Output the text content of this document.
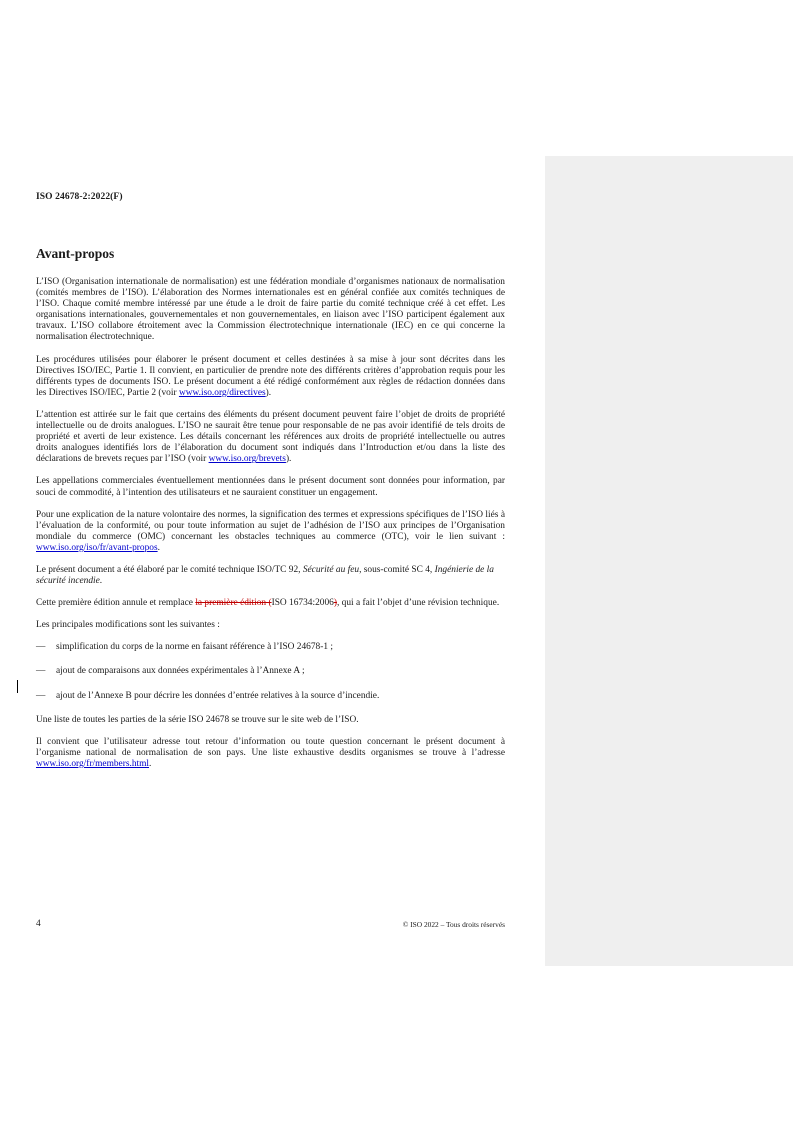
ISO 24678-2:2022(F)
Avant-propos

L’ISO (Organisation internationale de normalisation) est une fédération mondiale d’organismes nationaux de normalisation (comités membres de l’ISO). L’élaboration des Normes internationales est en général confiée aux comités techniques de l’ISO. Chaque comité membre intéressé par une étude a le droit de faire partie du comité technique créé à cet effet. Les organisations internationales, gouvernementales et non gouvernementales, en liaison avec l’ISO participent également aux travaux. L’ISO collabore étroitement avec la Commission électrotechnique internationale (IEC) en ce qui concerne la normalisation électrotechnique.

Les procédures utilisées pour élaborer le présent document et celles destinées à sa mise à jour sont décrites dans les Directives ISO/IEC, Partie 1. Il convient, en particulier de prendre note des différents critères d’approbation requis pour les différents types de documents ISO. Le présent document a été rédigé conformément aux règles de rédaction données dans les Directives ISO/IEC, Partie 2 (voir www.iso.org/directives).

L’attention est attirée sur le fait que certains des éléments du présent document peuvent faire l’objet de droits de propriété intellectuelle ou de droits analogues. L’ISO ne saurait être tenue pour responsable de ne pas avoir identifié de tels droits de propriété et averti de leur existence. Les détails concernant les références aux droits de propriété intellectuelle ou autres droits analogues identifiés lors de l’élaboration du document sont indiqués dans l’Introduction et/ou dans la liste des déclarations de brevets reçues par l’ISO (voir www.iso.org/brevets).

Les appellations commerciales éventuellement mentionnées dans le présent document sont données pour information, par souci de commodité, à l’intention des utilisateurs et ne sauraient constituer un engagement.

Pour une explication de la nature volontaire des normes, la signification des termes et expressions spécifiques de l’ISO liés à l’évaluation de la conformité, ou pour toute information au sujet de l’adhésion de l’ISO aux principes de l’Organisation mondiale du commerce (OMC) concernant les obstacles techniques au commerce (OTC), voir le lien suivant : www.iso.org/iso/fr/avant-propos.

Le présent document a été élaboré par le comité technique ISO/TC 92, Sécurité au feu, sous-comité SC 4, Ingénierie de la sécurité incendie.

Cette première édition annule et remplace la première édition (ISO 16734:2006), qui a fait l’objet d’une révision technique.

Les principales modifications sont les suivantes :

—	simplification du corps de la norme en faisant référence à l’ISO 24678-1 ;
—	ajout de comparaisons aux données expérimentales à l’Annexe A ;
—	ajout de l’Annexe B pour décrire les données d’entrée relatives à la source d’incendie.

Une liste de toutes les parties de la série ISO 24678 se trouve sur le site web de l’ISO.

Il convient que l’utilisateur adresse tout retour d’information ou toute question concernant le présent document à l’organisme national de normalisation de son pays. Une liste exhaustive desdits organismes se trouve à l’adresse www.iso.org/fr/members.html.

4	© ISO 2022 – Tous droits réservés
